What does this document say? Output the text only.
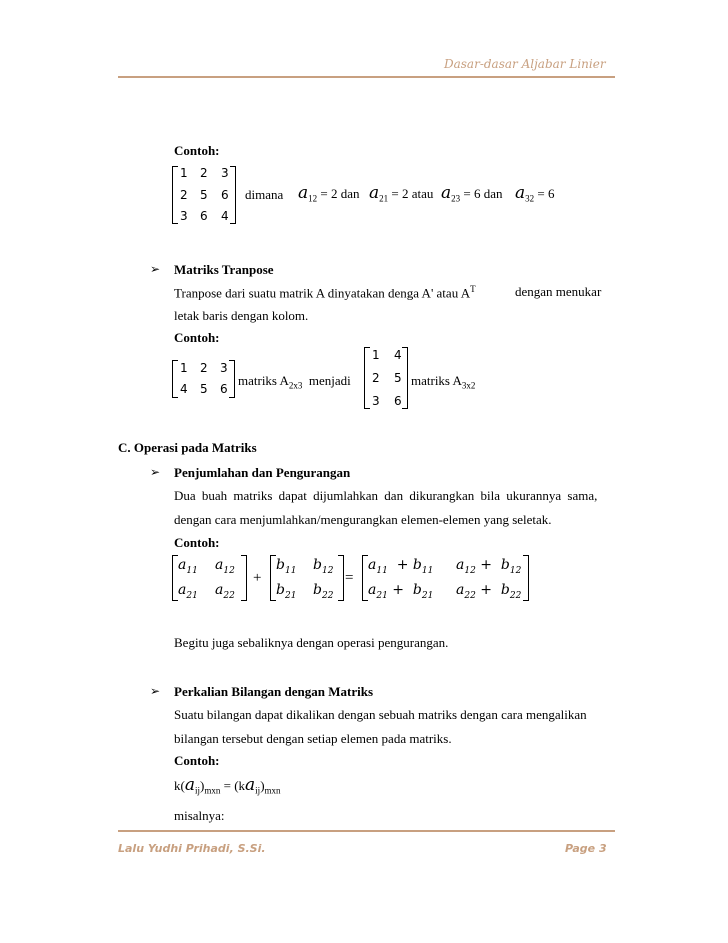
Dasar-dasar Aljabar Linier
Contoh:
1 2 3
2 5 6
3 6 4
dimana $a_{12} = 2$ dan $a_{21} = 2$ atau $a_{23} = 6$ dan $a_{32} = 6$
➢ Matriks Tranpose
Tranpose dari suatu matrik A dinyatakan denga A' atau $A^T$	dengan menukar
letak baris dengan kolom.
Contoh:
1 2 3
4 5 6
matriks $A_{2x3}$ menjadi
1 4
2 5
3 6
matriks $A_{3x2}$
C. Operasi pada Matriks
➢ Penjumlahan dan Pengurangan
Dua buah matriks dapat dijumlahkan dan dikurangkan bila ukurannya sama,
dengan cara menjumlahkan/mengurangkan elemen-elemen yang seletak.
Contoh:
$a_{11}$ $a_{12}$
$a_{21}$ $a_{22}$
+
$b_{11}$ $b_{12}$
$b_{21}$ $b_{22}$
=
$a_{11} + b_{11}$ $a_{12} + b_{12}$
$a_{21} + b_{21}$ $a_{22} + b_{22}$
Begitu juga sebaliknya dengan operasi pengurangan.
➢ Perkalian Bilangan dengan Matriks
Suatu bilangan dapat dikalikan dengan sebuah matriks dengan cara mengalikan
bilangan tersebut dengan setiap elemen pada matriks.
Contoh:
$k(a_{ij})_{mxn} = (ka_{ij})_{mxn}$
misalnya:
Lalu Yudhi Prihadi, S.Si.	Page 3
